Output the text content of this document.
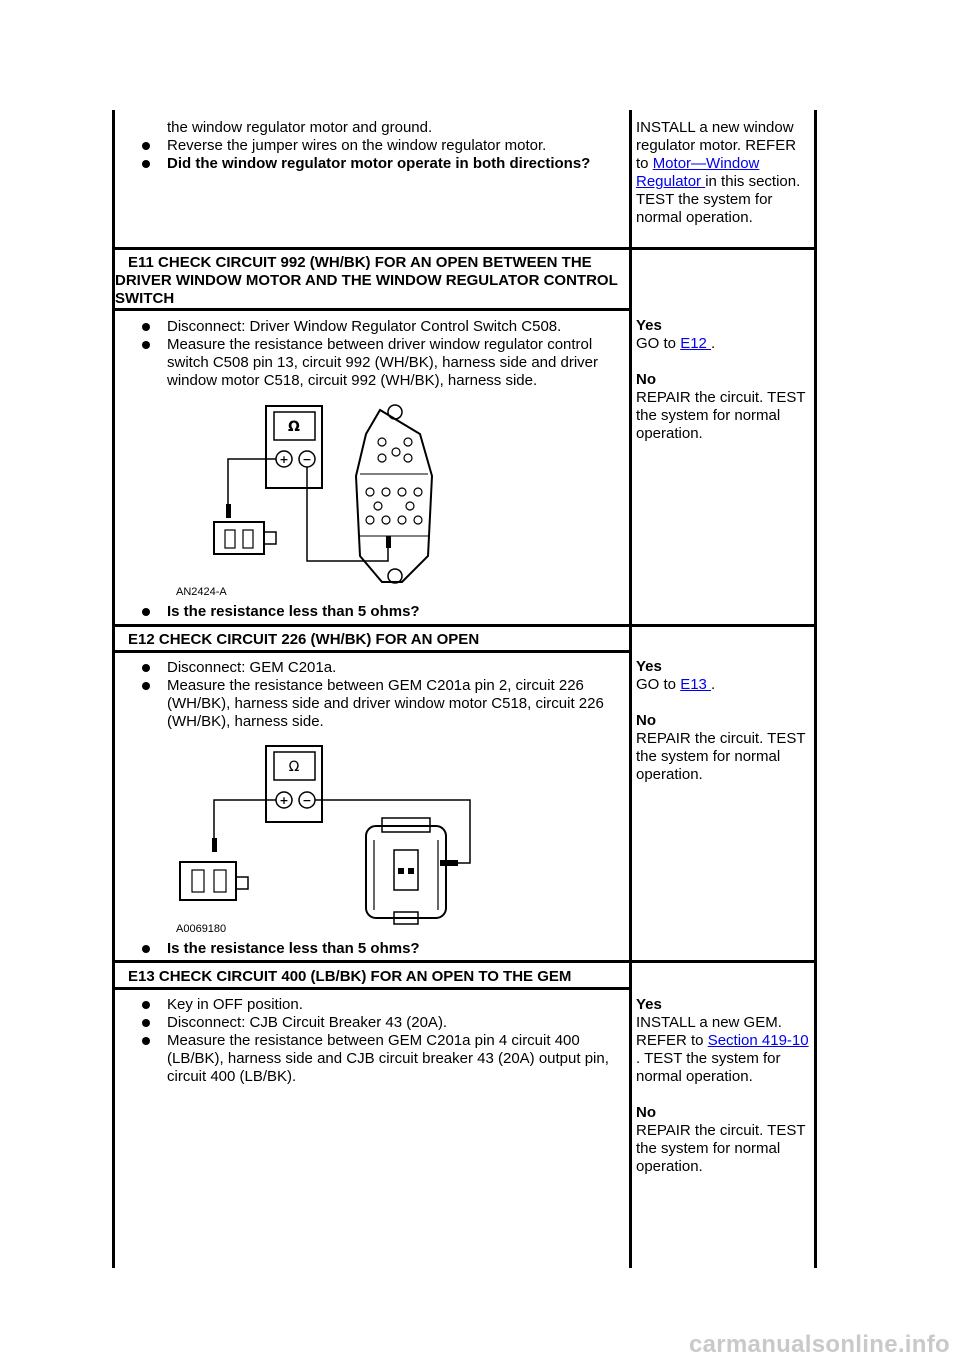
the window regulator motor and ground.
Reverse the jumper wires on the window regulator motor.
Did the window regulator motor operate in both directions?

INSTALL a new window regulator motor. REFER to Motor—Window Regulator in this section. TEST the system for normal operation.

E11 CHECK CIRCUIT 992 (WH/BK) FOR AN OPEN BETWEEN THE DRIVER WINDOW MOTOR AND THE WINDOW REGULATOR CONTROL SWITCH
Disconnect: Driver Window Regulator Control Switch C508.
Measure the resistance between driver window regulator control switch C508 pin 13, circuit 992 (WH/BK), harness side and driver window motor C518, circuit 992 (WH/BK), harness side.
Ω
+ −
AN2424-A
Is the resistance less than 5 ohms?

Yes

GO to E12 .

No

REPAIR the circuit. TEST the system for normal operation.

E12 CHECK CIRCUIT 226 (WH/BK) FOR AN OPEN
Disconnect: GEM C201a.
Measure the resistance between GEM C201a pin 2, circuit 226 (WH/BK), harness side and driver window motor C518, circuit 226 (WH/BK), harness side.
Ω
+ −
A0069180
Is the resistance less than 5 ohms?

Yes

GO to E13 .

No

REPAIR the circuit. TEST the system for normal operation.

E13 CHECK CIRCUIT 400 (LB/BK) FOR AN OPEN TO THE GEM
Key in OFF position.
Disconnect: CJB Circuit Breaker 43 (20A).
Measure the resistance between GEM C201a pin 4 circuit 400 (LB/BK), harness side and CJB circuit breaker 43 (20A) output pin, circuit 400 (LB/BK).

Yes

INSTALL a new GEM. REFER to Section 419-10 . TEST the system for normal operation.

No

REPAIR the circuit. TEST the system for normal operation.

carmanualsonline.info
